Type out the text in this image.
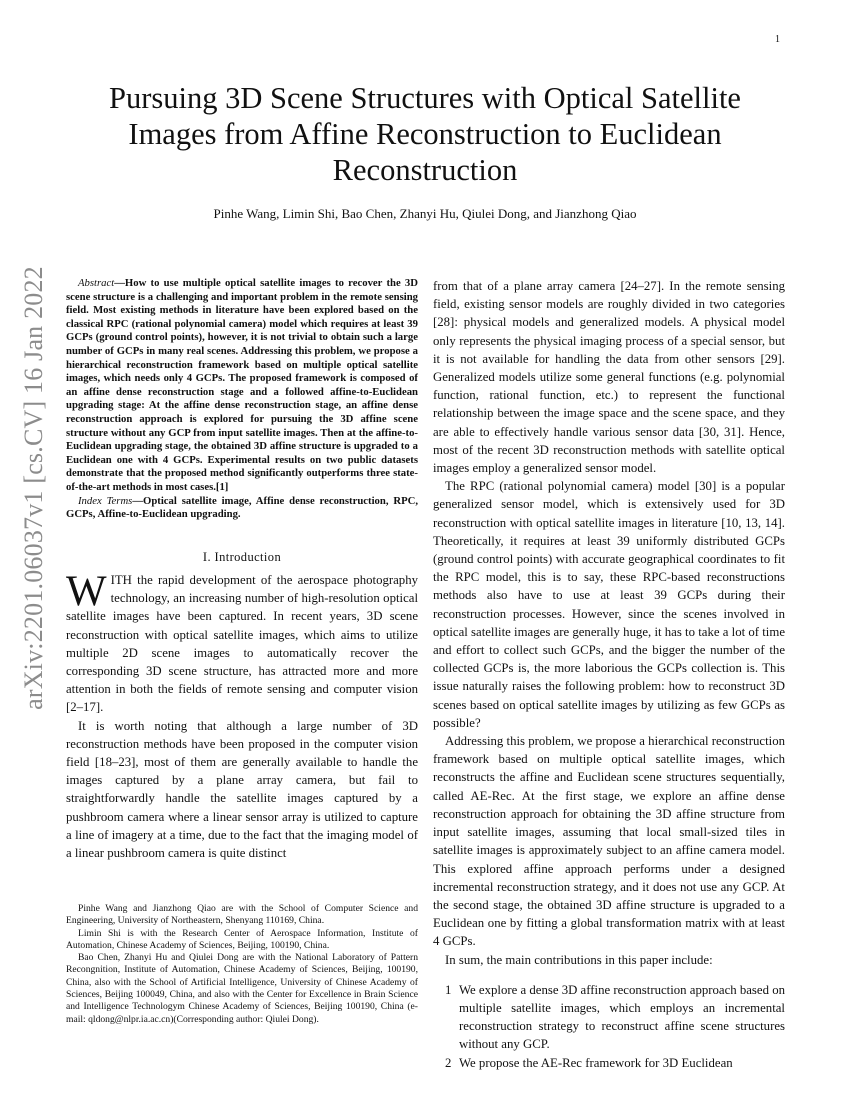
1
arXiv:2201.06037v1 [cs.CV] 16 Jan 2022
Pursuing 3D Scene Structures with Optical Satellite
Images from Affine Reconstruction to Euclidean
Reconstruction
Pinhe Wang, Limin Shi, Bao Chen, Zhanyi Hu, Qiulei Dong, and Jianzhong Qiao

Abstract—How to use multiple optical satellite images to recover the 3D scene structure is a challenging and important problem in the remote sensing field. Most existing methods in literature have been explored based on the classical RPC (rational polynomial camera) model which requires at least 39 GCPs (ground control points), however, it is not trivial to obtain such a large number of GCPs in many real scenes. Addressing this problem, we propose a hierarchical reconstruction framework based on multiple optical satellite images, which needs only 4 GCPs. The proposed framework is composed of an affine dense reconstruction stage and a followed affine-to-Euclidean upgrading stage: At the affine dense reconstruction stage, an affine dense reconstruction approach is explored for pursuing the 3D affine scene structure without any GCP from input satellite images. Then at the affine-to-Euclidean upgrading stage, the obtained 3D affine structure is upgraded to a Euclidean one with 4 GCPs. Experimental results on two public datasets demonstrate that the proposed method significantly outperforms three state-of-the-art methods in most cases.[1]

Index Terms—Optical satellite image, Affine dense reconstruction, RPC, GCPs, Affine-to-Euclidean upgrading.

I. Introduction

WITH the rapid development of the aerospace photography technology, an increasing number of high-resolution optical satellite images have been captured. In recent years, 3D scene reconstruction with optical satellite images, which aims to utilize multiple 2D scene images to automatically recover the corresponding 3D scene structure, has attracted more and more attention in both the fields of remote sensing and computer vision [2–17].

It is worth noting that although a large number of 3D reconstruction methods have been proposed in the computer vision field [18–23], most of them are generally available to handle the images captured by a plane array camera, but fail to straightforwardly handle the satellite images captured by a pushbroom camera where a linear sensor array is utilized to capture a line of imagery at a time, due to the fact that the imaging model of a linear pushbroom camera is quite distinct

Pinhe Wang and Jianzhong Qiao are with the School of Computer Science and Engineering, University of Northeastern, Shenyang 110169, China.

Limin Shi is with the Research Center of Aerospace Information, Institute of Automation, Chinese Academy of Sciences, Beijing, 100190, China.

Bao Chen, Zhanyi Hu and Qiulei Dong are with the National Laboratory of Pattern Recongnition, Institute of Automation, Chinese Academy of Sciences, Beijing, 100190, China, also with the School of Artificial Intelligence, University of Chinese Academy of Sciences, Beijing 100049, China, and also with the Center for Excellence in Brain Science and Intelligence Technologym Chinese Academy of Sciences, Beijing 100190, China (e-mail: qldong@nlpr.ia.ac.cn)(Corresponding author: Qiulei Dong).

from that of a plane array camera [24–27]. In the remote sensing field, existing sensor models are roughly divided in two categories [28]: physical models and generalized models. A physical model only represents the physical imaging process of a special sensor, but it is not available for handling the data from other sensors [29]. Generalized models utilize some general functions (e.g. polynomial function, rational function, etc.) to represent the functional relationship between the image space and the scene space, and they are able to effectively handle various sensor data [30, 31]. Hence, most of the recent 3D reconstruction methods with satellite optical images employ a generalized sensor model.

The RPC (rational polynomial camera) model [30] is a popular generalized sensor model, which is extensively used for 3D reconstruction with optical satellite images in literature [10, 13, 14]. Theoretically, it requires at least 39 uniformly distributed GCPs (ground control points) with accurate geographical coordinates to fit the RPC model, this is to say, these RPC-based reconstructions methods also have to use at least 39 GCPs during their reconstruction processes. However, since the scenes involved in optical satellite images are generally huge, it has to take a lot of time and effort to collect such GCPs, and the bigger the number of the collected GCPs is, the more laborious the GCPs collection is. This issue naturally raises the following problem: how to reconstruct 3D scenes based on optical satellite images by utilizing as few GCPs as possible?

Addressing this problem, we propose a hierarchical reconstruction framework based on multiple optical satellite images, which reconstructs the affine and Euclidean scene structures sequentially, called AE-Rec. At the first stage, we explore an affine dense reconstruction approach for obtaining the 3D affine structure from input satellite images, assuming that local small-sized tiles in satellite images is approximately subject to an affine camera model. This explored affine approach performs under a designed incremental reconstruction strategy, and it does not use any GCP. At the second stage, the obtained 3D affine structure is upgraded to a Euclidean one by fitting a global transformation matrix with at least 4 GCPs.

In sum, the main contributions in this paper include:

1 We explore a dense 3D affine reconstruction approach based on multiple satellite images, which employs an incremental reconstruction strategy to reconstruct affine scene structures without any GCP.
2 We propose the AE-Rec framework for 3D Euclidean
